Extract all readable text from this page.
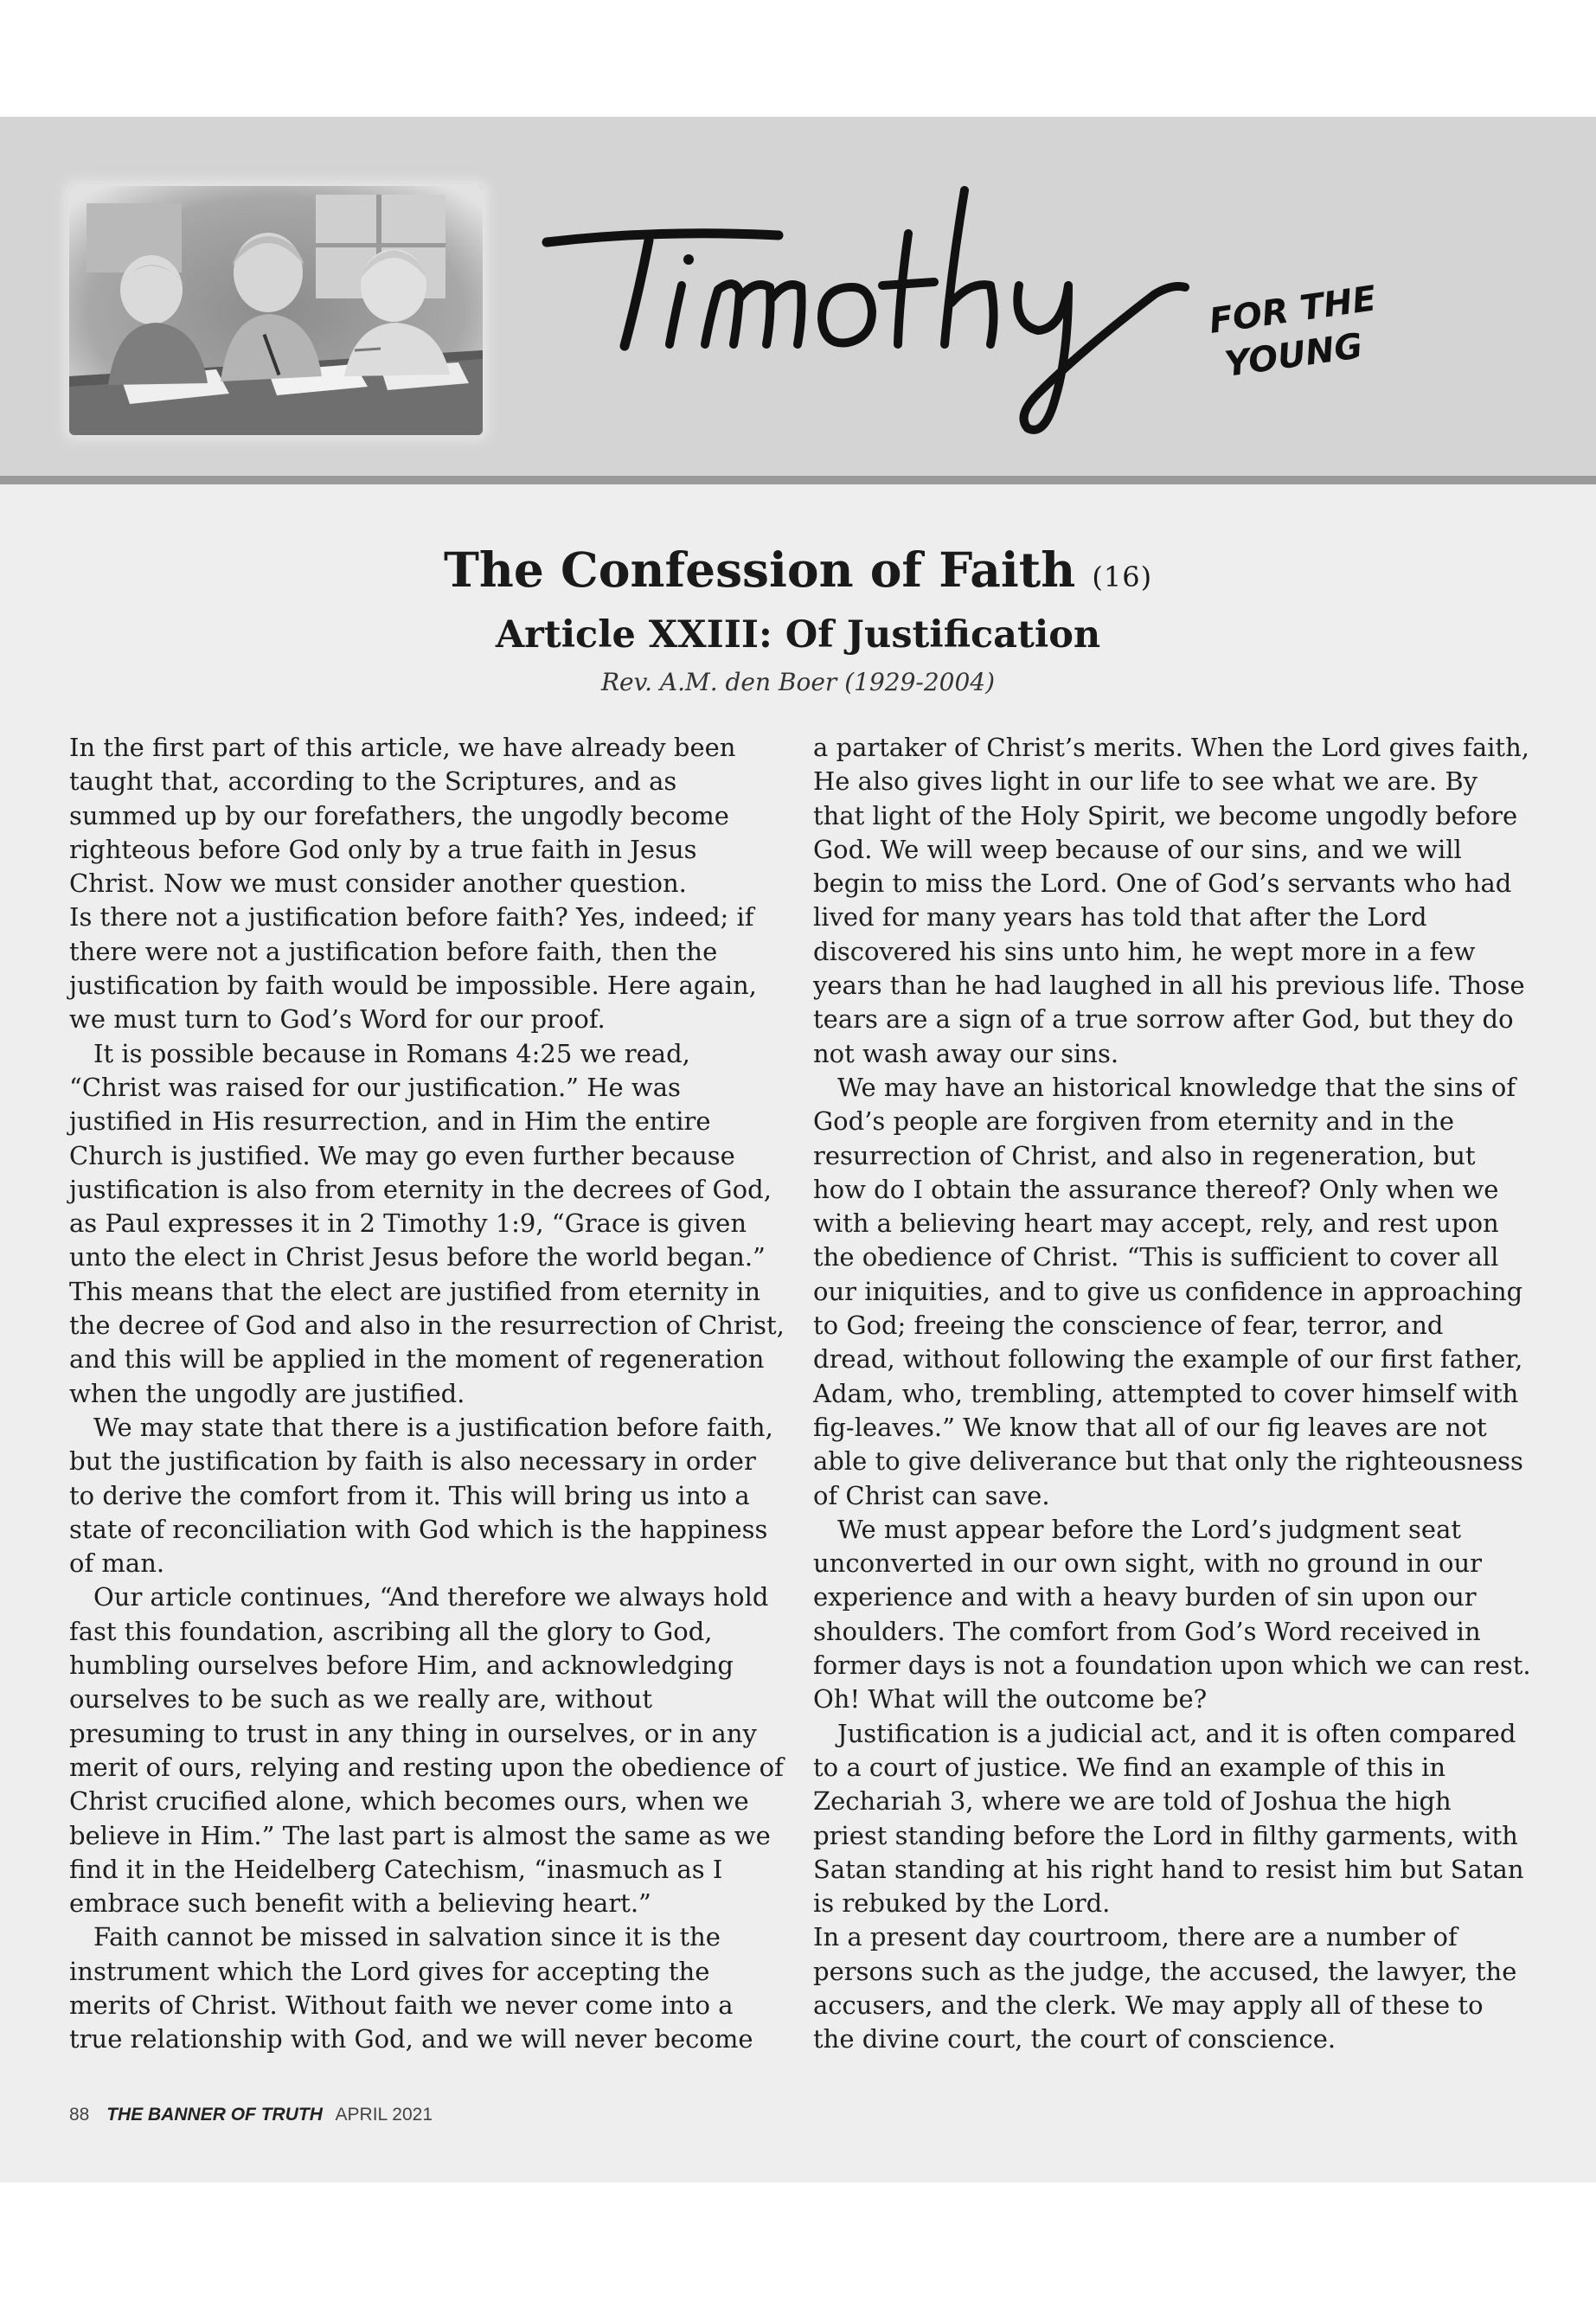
FOR THE
YOUNG
The Confession of Faith (16)
Article XXIII: Of Justification
Rev. A.M. den Boer (1929-2004)

In the first part of this article, we have already been taught that, according to the Scriptures, and as summed up by our forefathers, the ungodly become righteous before God only by a true faith in Jesus Christ. Now we must consider another question.

Is there not a justification before faith? Yes, indeed; if there were not a justification before faith, then the justification by faith would be impossible. Here again, we must turn to God’s Word for our proof.

It is possible because in Romans 4:25 we read, “Christ was raised for our justification.” He was justified in His resurrection, and in Him the entire Church is justified. We may go even further because justification is also from eternity in the decrees of God, as Paul expresses it in 2 Timothy 1:9, “Grace is given unto the elect in Christ Jesus before the world began.” This means that the elect are justified from eternity in the decree of God and also in the resurrection of Christ, and this will be applied in the moment of regeneration when the ungodly are justified.

We may state that there is a justification before faith, but the justification by faith is also necessary in order to derive the comfort from it. This will bring us into a state of reconciliation with God which is the happiness of man.

Our article continues, “And therefore we always hold fast this foundation, ascribing all the glory to God, humbling ourselves before Him, and acknowledging ourselves to be such as we really are, without presuming to trust in any thing in ourselves, or in any merit of ours, relying and resting upon the obedience of Christ crucified alone, which becomes ours, when we believe in Him.” The last part is almost the same as we find it in the Heidelberg Catechism, “inasmuch as I embrace such benefit with a believing heart.”

Faith cannot be missed in salvation since it is the instrument which the Lord gives for accepting the merits of Christ. Without faith we never come into a true relationship with God, and we will never become

a partaker of Christ’s merits. When the Lord gives faith, He also gives light in our life to see what we are. By that light of the Holy Spirit, we become ungodly before God. We will weep because of our sins, and we will begin to miss the Lord. One of God’s servants who had lived for many years has told that after the Lord discovered his sins unto him, he wept more in a few years than he had laughed in all his previous life. Those tears are a sign of a true sorrow after God, but they do not wash away our sins.

We may have an historical knowledge that the sins of God’s people are forgiven from eternity and in the resurrection of Christ, and also in regeneration, but how do I obtain the assurance thereof? Only when we with a believing heart may accept, rely, and rest upon the obedience of Christ. “This is sufficient to cover all our iniquities, and to give us confidence in approaching to God; freeing the conscience of fear, terror, and dread, without following the example of our first father, Adam, who, trembling, attempted to cover himself with fig-leaves.” We know that all of our fig leaves are not able to give deliverance but that only the righteousness of Christ can save.

We must appear before the Lord’s judgment seat unconverted in our own sight, with no ground in our experience and with a heavy burden of sin upon our shoulders. The comfort from God’s Word received in former days is not a foundation upon which we can rest. Oh! What will the outcome be?

Justification is a judicial act, and it is often compared to a court of justice. We find an example of this in Zechariah 3, where we are told of Joshua the high priest standing before the Lord in filthy garments, with Satan standing at his right hand to resist him but Satan is rebuked by the Lord.

In a present day courtroom, there are a number of persons such as the judge, the accused, the lawyer, the accusers, and the clerk. We may apply all of these to the divine court, the court of conscience.

88 THE BANNER OF TRUTH APRIL 2021
